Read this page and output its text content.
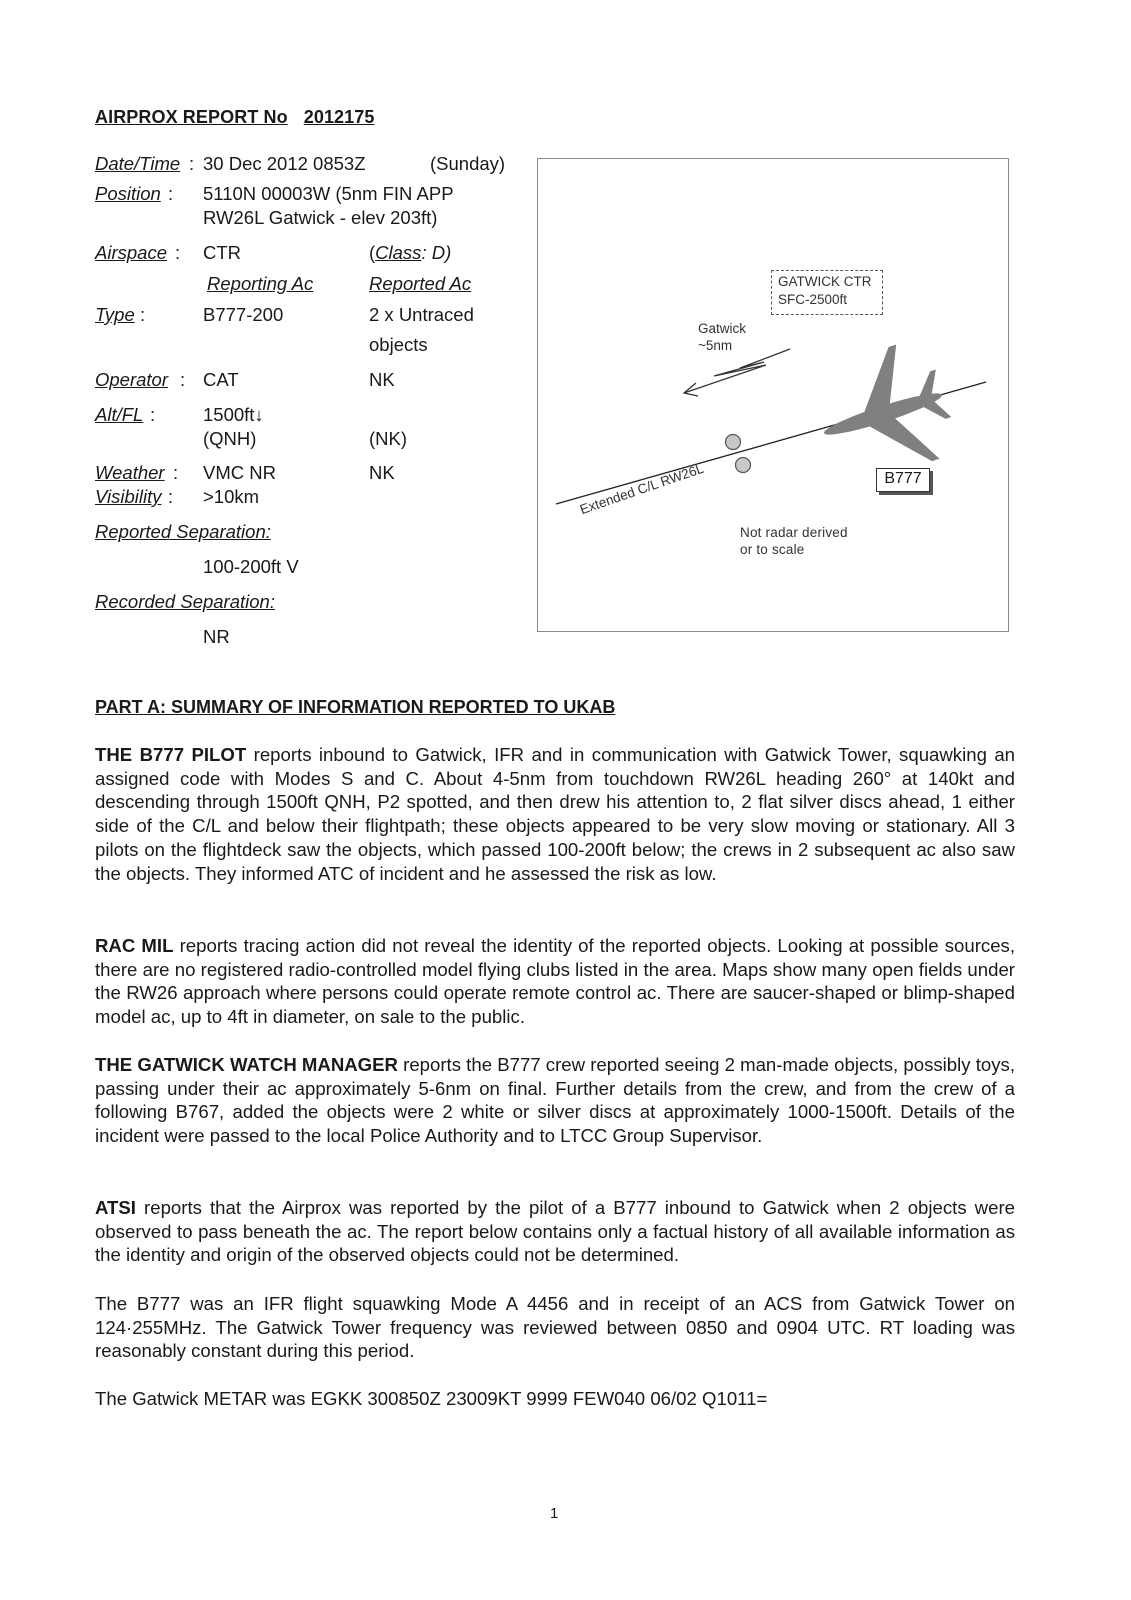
AIRPROX REPORT No 2012175
Date/Time : 30 Dec 2012 0853Z	(Sunday)
Position : 5110N 00003W (5nm FIN APP
RW26L Gatwick - elev 203ft)
Airspace : CTR	(Class: D)
Reporting Ac	Reported Ac
Type :	B777-200	2 x Untraced
objects
Operator : CAT	NK
Alt/FL :	1500ft↓
(QNH)	(NK)
Weather : VMC NR	NK
Visibility : >10km
Reported Separation:
100-200ft V
Recorded Separation:
NR
GATWICK CTR
SFC-2500ft
Gatwick
~5nm
Extended C/L RW26L	B777
Not radar derived
or to scale
PART A: SUMMARY OF INFORMATION REPORTED TO UKAB

THE B777 PILOT reports inbound to Gatwick, IFR and in communication with Gatwick Tower, squawking an assigned code with Modes S and C. About 4-5nm from touchdown RW26L heading 260° at 140kt and descending through 1500ft QNH, P2 spotted, and then drew his attention to, 2 flat silver discs ahead, 1 either side of the C/L and below their flightpath; these objects appeared to be very slow moving or stationary. All 3 pilots on the flightdeck saw the objects, which passed 100-200ft below; the crews in 2 subsequent ac also saw the objects. They informed ATC of incident and he assessed the risk as low.

RAC MIL reports tracing action did not reveal the identity of the reported objects. Looking at possible sources, there are no registered radio-controlled model flying clubs listed in the area. Maps show many open fields under the RW26 approach where persons could operate remote control ac. There are saucer-shaped or blimp-shaped model ac, up to 4ft in diameter, on sale to the public.

THE GATWICK WATCH MANAGER reports the B777 crew reported seeing 2 man-made objects, possibly toys, passing under their ac approximately 5-6nm on final. Further details from the crew, and from the crew of a following B767, added the objects were 2 white or silver discs at approximately 1000-1500ft. Details of the incident were passed to the local Police Authority and to LTCC Group Supervisor.

ATSI reports that the Airprox was reported by the pilot of a B777 inbound to Gatwick when 2 objects were observed to pass beneath the ac. The report below contains only a factual history of all available information as the identity and origin of the observed objects could not be determined.

The B777 was an IFR flight squawking Mode A 4456 and in receipt of an ACS from Gatwick Tower on 124·255MHz. The Gatwick Tower frequency was reviewed between 0850 and 0904 UTC. RT loading was reasonably constant during this period.

The Gatwick METAR was EGKK 300850Z 23009KT 9999 FEW040 06/02 Q1011=

1
